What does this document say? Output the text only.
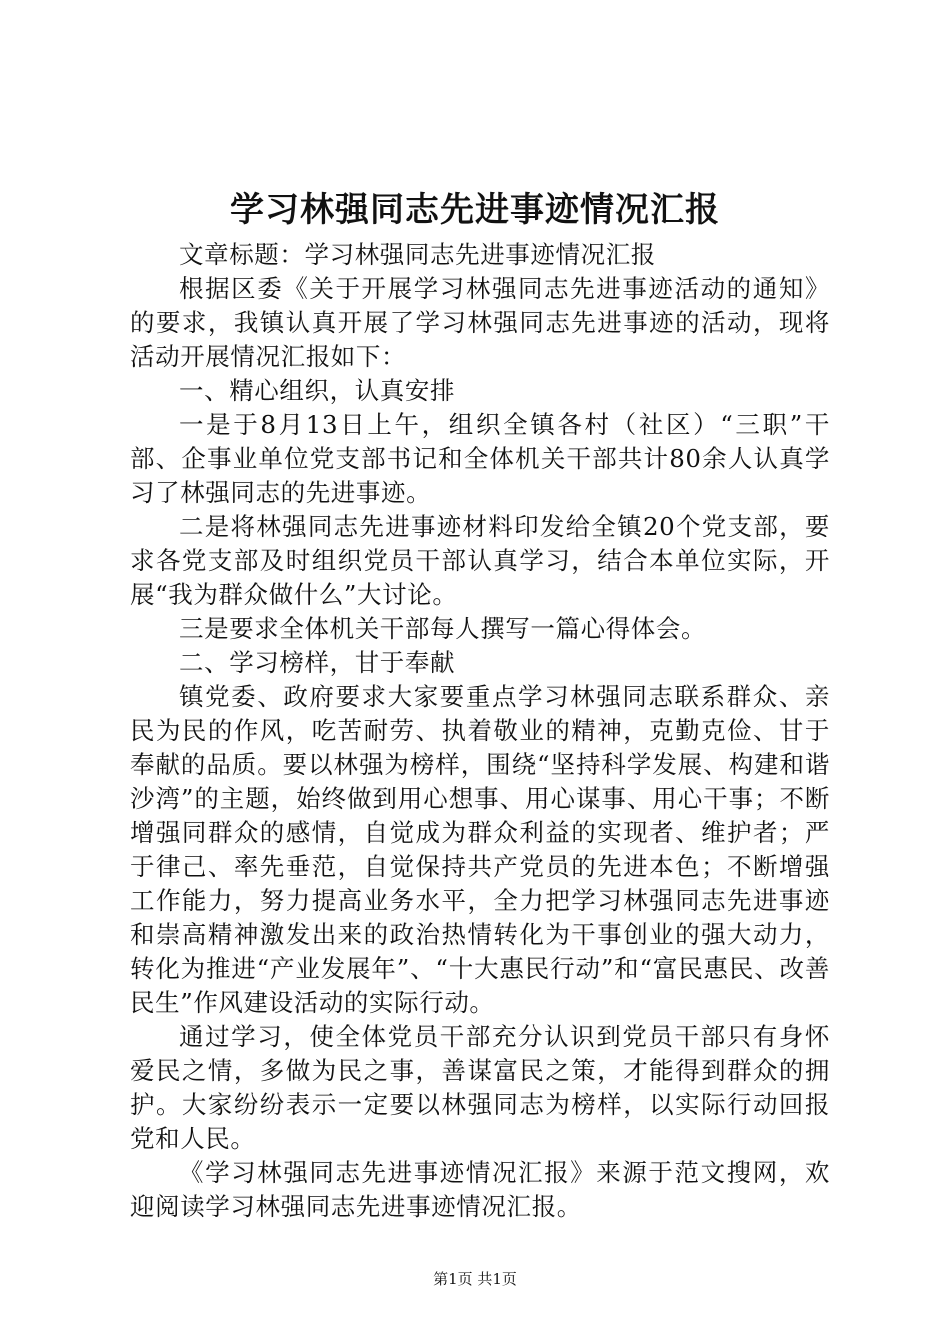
学习林强同志先进事迹情况汇报

文章标题：学习林强同志先进事迹情况汇报

根据区委《关于开展学习林强同志先进事迹活动的通知》的要求，我镇认真开展了学习林强同志先进事迹的活动，现将活动开展情况汇报如下：

一、精心组织，认真安排

一是于8月13日上午，组织全镇各村（社区）“三职”干部、企事业单位党支部书记和全体机关干部共计80余人认真学习了林强同志的先进事迹。

二是将林强同志先进事迹材料印发给全镇20个党支部，要求各党支部及时组织党员干部认真学习，结合本单位实际，开展“我为群众做什么”大讨论。

三是要求全体机关干部每人撰写一篇心得体会。

二、学习榜样，甘于奉献

镇党委、政府要求大家要重点学习林强同志联系群众、亲民为民的作风，吃苦耐劳、执着敬业的精神，克勤克俭、甘于奉献的品质。要以林强为榜样，围绕“坚持科学发展、构建和谐沙湾”的主题，始终做到用心想事、用心谋事、用心干事；不断增强同群众的感情，自觉成为群众利益的实现者、维护者；严于律己、率先垂范，自觉保持共产党员的先进本色；不断增强工作能力，努力提高业务水平，全力把学习林强同志先进事迹和崇高精神激发出来的政治热情转化为干事创业的强大动力，转化为推进“产业发展年”、“十大惠民行动”和“富民惠民、改善民生”作风建设活动的实际行动。

通过学习，使全体党员干部充分认识到党员干部只有身怀爱民之情，多做为民之事，善谋富民之策，才能得到群众的拥护。大家纷纷表示一定要以林强同志为榜样，以实际行动回报党和人民。

《学习林强同志先进事迹情况汇报》来源于范文搜网，欢迎阅读学习林强同志先进事迹情况汇报。

第1页 共1页
